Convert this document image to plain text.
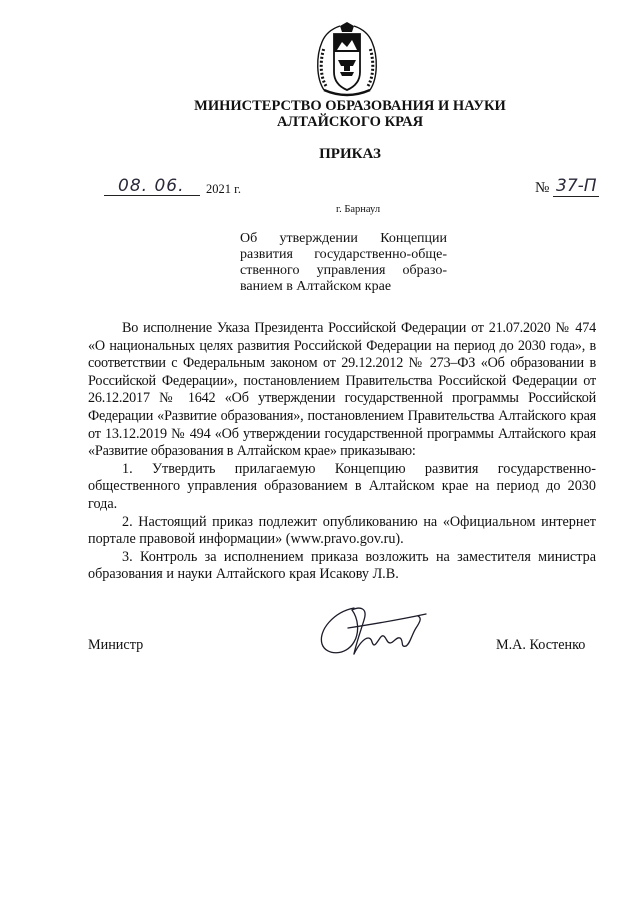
МИНИСТЕРСТВО ОБРАЗОВАНИЯ И НАУКИ
АЛТАЙСКОГО КРАЯ
ПРИКАЗ
08. 06. 2021 г.	№ 37-П
г. Барнаул
Об утверждении Концепции
развития государственно-обще-
ственного управления образо-
ванием в Алтайском крае

Во исполнение Указа Президента Российской Федерации от 21.07.2020 № 474 «О национальных целях развития Российской Федерации на период до 2030 года», в соответствии с Федеральным законом от 29.12.2012 № 273–ФЗ «Об образовании в Российской Федерации», постановлением Правительства Российской Федерации от 26.12.2017 № 1642 «Об утверждении государственной программы Российской Федерации «Развитие образования», постановлением Правительства Алтайского края от 13.12.2019 № 494 «Об утверждении государственной программы Алтайского края «Развитие образования в Алтайском крае» приказываю:

1. Утвердить прилагаемую Концепцию развития государственно-общественного управления образованием в Алтайском крае на период до 2030 года.

2. Настоящий приказ подлежит опубликованию на «Официальном интернет портале правовой информации» (www.pravo.gov.ru).

3. Контроль за исполнением приказа возложить на заместителя министра образования и науки Алтайского края Исакову Л.В.

Министр	М.А. Костенко
